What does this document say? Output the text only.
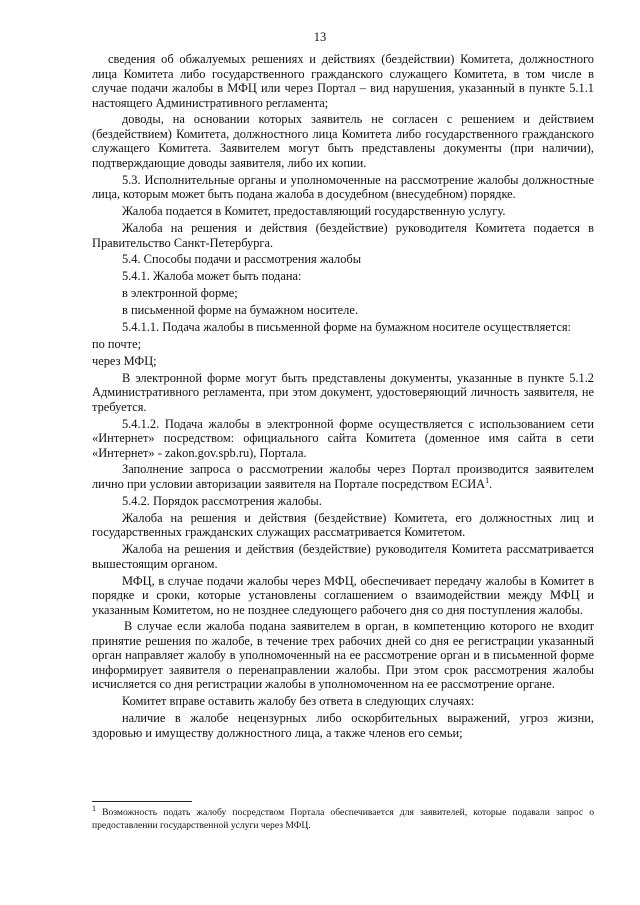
13

сведения об обжалуемых решениях и действиях (бездействии) Комитета, должностного лица Комитета либо государственного гражданского служащего Комитета, в том числе в случае подачи жалобы в МФЦ или через Портал – вид нарушения, указанный в пункте 5.1.1 настоящего Административного регламента;

доводы, на основании которых заявитель не согласен с решением и действием (бездействием) Комитета, должностного лица Комитета либо государственного гражданского служащего Комитета. Заявителем могут быть представлены документы (при наличии), подтверждающие доводы заявителя, либо их копии.

5.3. Исполнительные органы и уполномоченные на рассмотрение жалобы должностные лица, которым может быть подана жалоба в досудебном (внесудебном) порядке.

Жалоба подается в Комитет, предоставляющий государственную услугу.

Жалоба на решения и действия (бездействие) руководителя Комитета подается в Правительство Санкт-Петербурга.

5.4. Способы подачи и рассмотрения жалобы

5.4.1. Жалоба может быть подана:

в электронной форме;

в письменной форме на бумажном носителе.

5.4.1.1. Подача жалобы в письменной форме на бумажном носителе осуществляется:

по почте;

через МФЦ;

В электронной форме могут быть представлены документы, указанные в пункте 5.1.2 Административного регламента, при этом документ, удостоверяющий личность заявителя, не требуется.

5.4.1.2. Подача жалобы в электронной форме осуществляется с использованием сети «Интернет» посредством: официального сайта Комитета (доменное имя сайта в сети «Интернет» - zakon.gov.spb.ru), Портала.

Заполнение запроса о рассмотрении жалобы через Портал производится заявителем лично при условии авторизации заявителя на Портале посредством ЕСИА$^1$.

5.4.2. Порядок рассмотрения жалобы.

Жалоба на решения и действия (бездействие) Комитета, его должностных лиц и государственных гражданских служащих рассматривается Комитетом.

Жалоба на решения и действия (бездействие) руководителя Комитета рассматривается вышестоящим органом.

МФЦ, в случае подачи жалобы через МФЦ, обеспечивает передачу жалобы в Комитет в порядке и сроки, которые установлены соглашением о взаимодействии между МФЦ и указанным Комитетом, но не позднее следующего рабочего дня со дня поступления жалобы.

В случае если жалоба подана заявителем в орган, в компетенцию которого не входит принятие решения по жалобе, в течение трех рабочих дней со дня ее регистрации указанный орган направляет жалобу в уполномоченный на ее рассмотрение орган и в письменной форме информирует заявителя о перенаправлении жалобы. При этом срок рассмотрения жалобы исчисляется со дня регистрации жалобы в уполномоченном на ее рассмотрение органе.

Комитет вправе оставить жалобу без ответа в следующих случаях:

наличие в жалобе нецензурных либо оскорбительных выражений, угроз жизни, здоровью и имуществу должностного лица, а также членов его семьи;

$^1$ Возможность подать жалобу посредством Портала обеспечивается для заявителей, которые подавали запрос о предоставлении государственной услуги через МФЦ.
